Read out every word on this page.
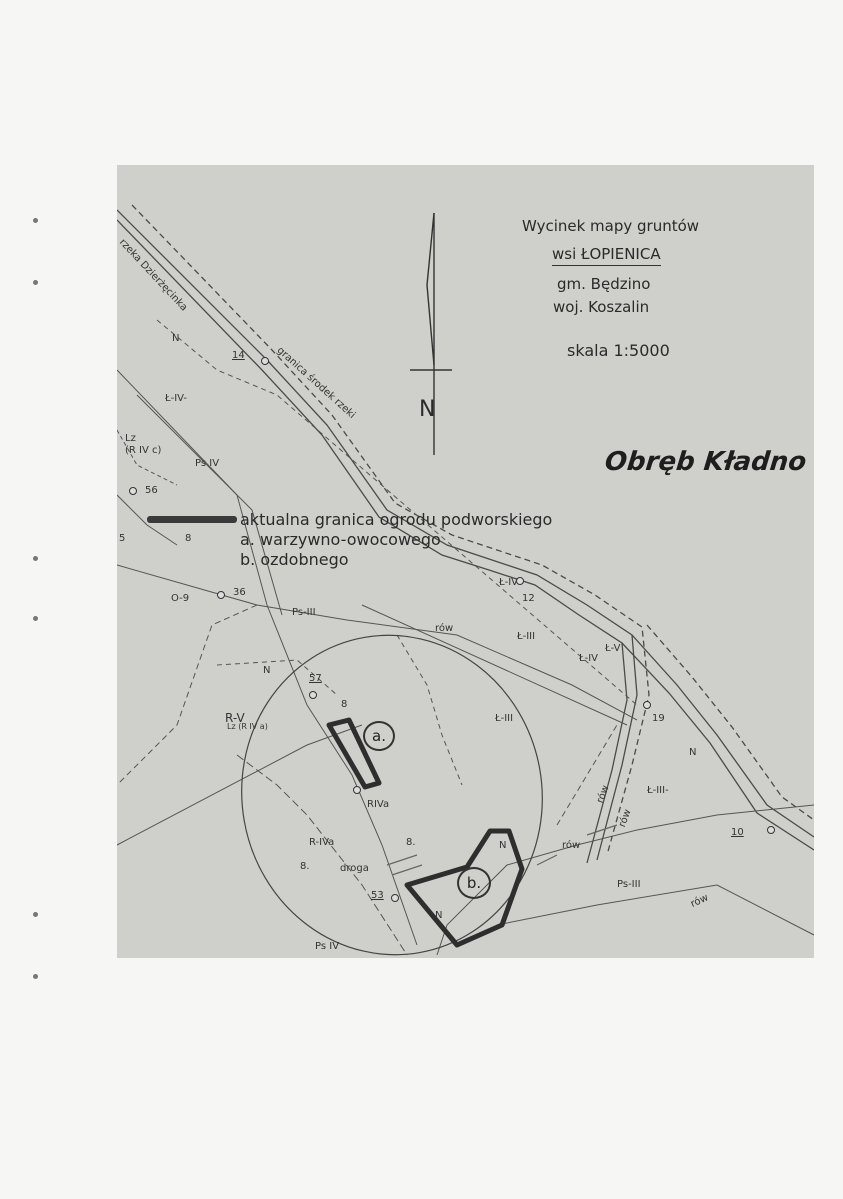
Wycinek mapy gruntów
wsi ŁOPIENICA
gm. Będzino
woj. Koszalin
skala 1:5000
N
Obręb Kładno
aktualna granica ogrodu podworskiego
a. warzywno-owocowego
b. ozdobnego
a.
b.
rzeka Dzierżęcinka
granica środek rzeki
N
14
Ł-IV-
Lz
(R IV c)
Ps IV
56
5	8
O-9
36
Ps-III
N
57
R-V
Lz (R IV a)
8
Ł-III
rów
Ł-III
Ł-IV
12
Ł-IV
Ł-V
Ł-III-
rów
rów
rów
N
19
10
Ps-III
RIVa
R-IVa	8.
8.	droga
53
N
N
Ps IV
rów
